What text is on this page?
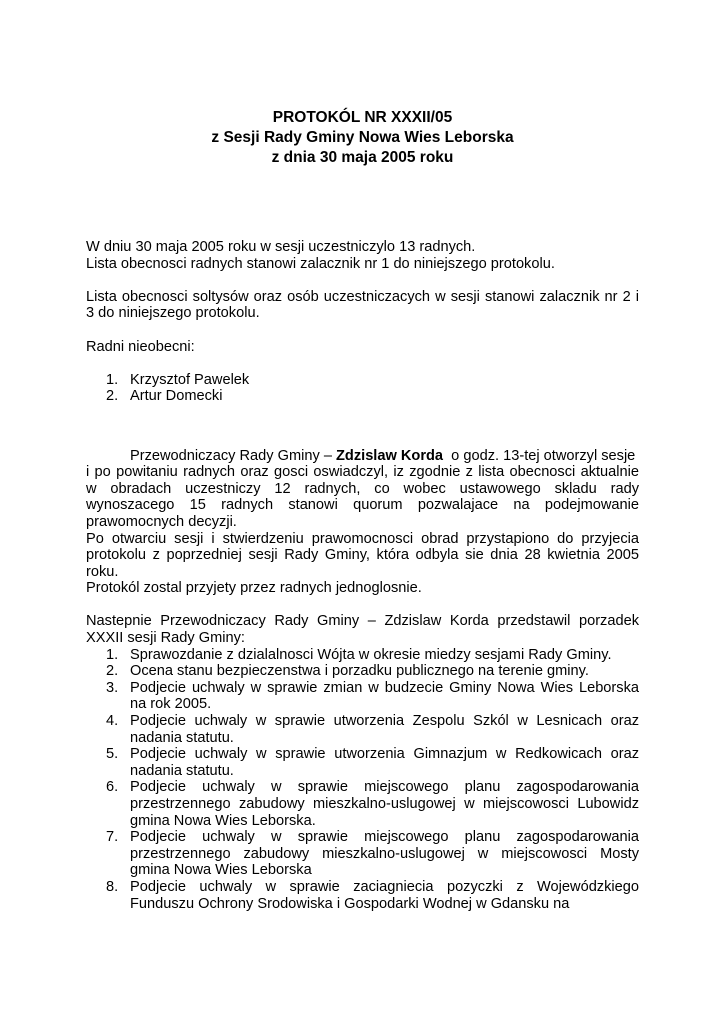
PROTOKÓL NR XXXII/05
z Sesji Rady Gminy Nowa Wies Leborska
z dnia 30 maja 2005 roku

W dniu 30 maja 2005 roku w sesji uczestniczylo 13 radnych.
Lista obecnosci radnych stanowi zalacznik nr 1 do niniejszego protokolu.

Lista obecnosci soltysów oraz osób uczestniczacych w sesji stanowi zalacznik nr 2 i
3 do niniejszego protokolu.

Radni nieobecni:

1. Krzysztof Pawelek
2. Artur Domecki

Przewodniczacy Rady Gminy – Zdzislaw Korda  o godz. 13-tej otworzyl sesje
i po powitaniu radnych oraz gosci oswiadczyl, iz zgodnie z lista obecnosci aktualnie
w obradach uczestniczy 12 radnych, co wobec ustawowego skladu rady
wynoszacego 15 radnych stanowi quorum pozwalajace na podejmowanie
prawomocnych decyzji.
Po otwarciu sesji i stwierdzeniu prawomocnosci obrad przystapiono do przyjecia
protokolu z poprzedniej sesji Rady Gminy, która odbyla sie dnia 28 kwietnia 2005
roku.
Protokól zostal przyjety przez radnych jednoglosnie.

Nastepnie Przewodniczacy Rady Gminy – Zdzislaw Korda przedstawil porzadek
XXXII sesji Rady Gminy:

1. Sprawozdanie z dzialalnosci Wójta w okresie miedzy sesjami Rady Gminy.
2. Ocena stanu bezpieczenstwa i porzadku publicznego na terenie gminy.
3. Podjecie uchwaly w sprawie zmian w budzecie Gminy Nowa Wies Leborska
na rok 2005.
4. Podjecie uchwaly w sprawie utworzenia Zespolu Szkól w Lesnicach oraz
nadania statutu.
5. Podjecie uchwaly w sprawie utworzenia Gimnazjum w Redkowicach oraz
nadania statutu.
6. Podjecie uchwaly w sprawie miejscowego planu zagospodarowania
przestrzennego zabudowy mieszkalno-uslugowej w miejscowosci Lubowidz
gmina Nowa Wies Leborska.
7. Podjecie uchwaly w sprawie miejscowego planu zagospodarowania
przestrzennego zabudowy mieszkalno-uslugowej w miejscowosci Mosty
gmina Nowa Wies Leborska
8. Podjecie uchwaly w sprawie zaciagniecia pozyczki z Wojewódzkiego
Funduszu Ochrony Srodowiska i Gospodarki Wodnej w Gdansku na
